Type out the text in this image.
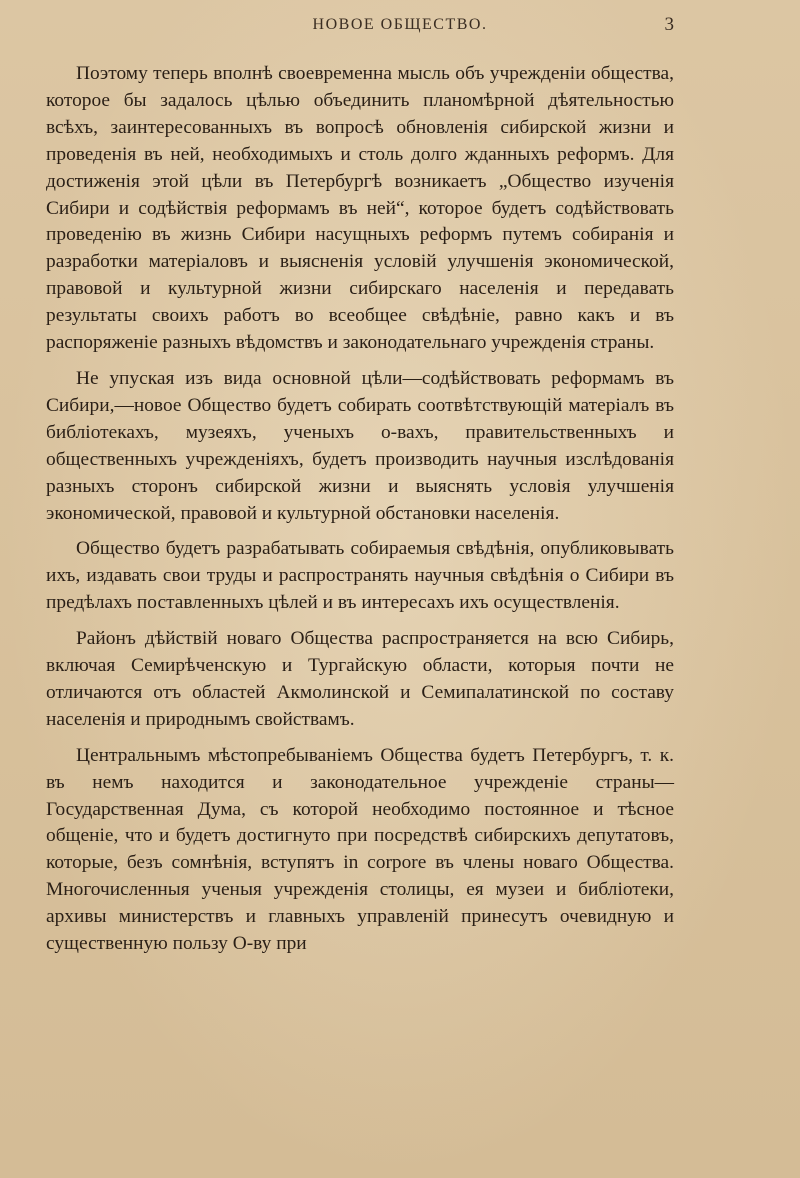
НОВОЕ ОБЩЕСТВО.	3

Поэтому теперь вполнѣ своевременна мысль объ учрежденіи общества, которое бы задалось цѣлью объединить планомѣрной дѣятельностью всѣхъ, заинтересованныхъ въ вопросѣ обновленія сибирской жизни и проведенія въ ней, необходимыхъ и столь долго жданныхъ реформъ. Для достиженія этой цѣли въ Петербургѣ возникаетъ „Общество изученія Сибири и содѣйствія реформамъ въ ней“, которое будетъ содѣйствовать проведенію въ жизнь Сибири насущныхъ реформъ путемъ собиранія и разработки матеріаловъ и выясненія условій улучшенія экономической, правовой и культурной жизни сибирскаго населенія и передавать результаты своихъ работъ во всеобщее свѣдѣніе, равно какъ и въ распоряженіе разныхъ вѣдомствъ и законодательнаго учрежденія страны.

Не упуская изъ вида основной цѣли—содѣйствовать реформамъ въ Сибири,—новое Общество будетъ собирать соотвѣтствующій матеріалъ въ библіотекахъ, музеяхъ, ученыхъ о-вахъ, правительственныхъ и общественныхъ учрежденіяхъ, будетъ производить научныя изслѣдованія разныхъ сторонъ сибирской жизни и выяснять условія улучшенія экономической, правовой и культурной обстановки населенія.

Общество будетъ разрабатывать собираемыя свѣдѣнія, опубликовывать ихъ, издавать свои труды и распространять научныя свѣдѣнія о Сибири въ предѣлахъ поставленныхъ цѣлей и въ интересахъ ихъ осуществленія.

Районъ дѣйствій новаго Общества распространяется на всю Сибирь, включая Семирѣченскую и Тургайскую области, которыя почти не отличаются отъ областей Акмолинской и Семипалатинской по составу населенія и природнымъ свойствамъ.

Центральнымъ мѣстопребываніемъ Общества будетъ Петербургъ, т. к. въ немъ находится и законодательное учрежденіе страны—Государственная Дума, съ которой необходимо постоянное и тѣсное общеніе, что и будетъ достигнуто при посредствѣ сибирскихъ депутатовъ, которые, безъ сомнѣнія, вступятъ in corpore въ члены новаго Общества. Многочисленныя ученыя учрежденія столицы, ея музеи и библіотеки, архивы министерствъ и главныхъ управленій принесутъ очевидную и существенную пользу О-ву при
